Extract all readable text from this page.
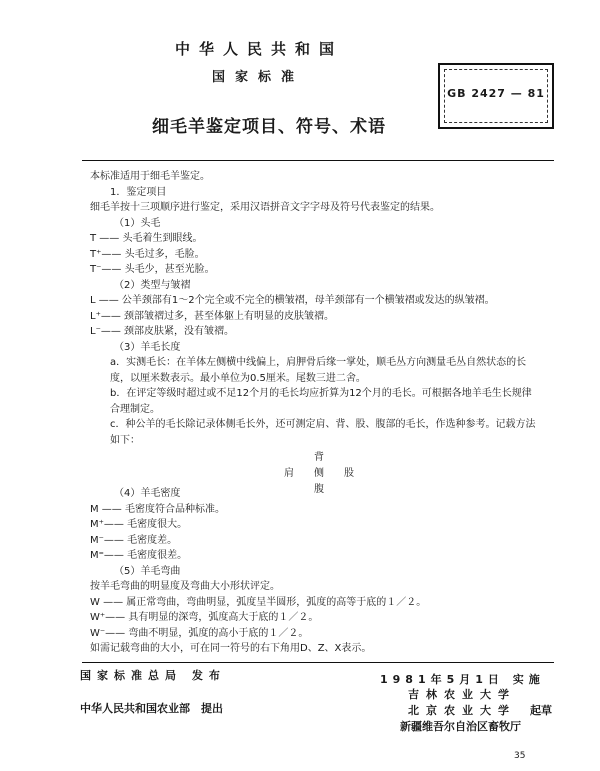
中华人民共和国
国家标准
细毛羊鉴定项目、符号、术语
GB 2427 — 81
本标准适用于细毛羊鉴定。
1．鉴定项目
细毛羊按十三项顺序进行鉴定，采用汉语拼音文字字母及符号代表鉴定的结果。
（1）头毛
T —— 头毛着生到眼线。
T⁺—— 头毛过多，毛脸。
T⁻—— 头毛少，甚至光脸。
（2）类型与皱褶
L —— 公羊颈部有1～2个完全或不完全的横皱褶，母羊颈部有一个横皱褶或发达的纵皱褶。
L⁺—— 颈部皱褶过多，甚至体躯上有明显的皮肤皱褶。
L⁻—— 颈部皮肤紧，没有皱褶。
（3）羊毛长度
a．实测毛长：在羊体左侧横中线偏上，肩胛骨后缘一掌处，顺毛丛方向测量毛丛自然状态的长度，以厘米数表示。最小单位为0.5厘米。尾数三进二舍。
b．在评定等级时超过或不足12个月的毛长均应折算为12个月的毛长。可根据各地羊毛生长规律合理制定。
c．种公羊的毛长除记录体侧毛长外，还可测定肩、背、股、腹部的毛长，作选种参考。记载方法如下：
背
肩 侧 股
腹
（4）羊毛密度
M —— 毛密度符合品种标准。
M⁺—— 毛密度很大。
M⁻—— 毛密度差。
M⁼—— 毛密度很差。
（5）羊毛弯曲
按羊毛弯曲的明显度及弯曲大小形状评定。
W —— 属正常弯曲，弯曲明显，弧度呈半圆形，弧度的高等于底的１／２。
W⁺—— 具有明显的深弯，弧度高大于底的１／２。
W⁻—— 弯曲不明显，弧度的高小于底的１／２。
如需记载弯曲的大小，可在同一符号的右下角用D、Z、X表示。
国家标准总局 发布	1981年5月1日 实施
中华人民共和国农业部　提出
吉林农业大学
北京农业大学
新疆维吾尔自治区畜牧厅
起草
35
